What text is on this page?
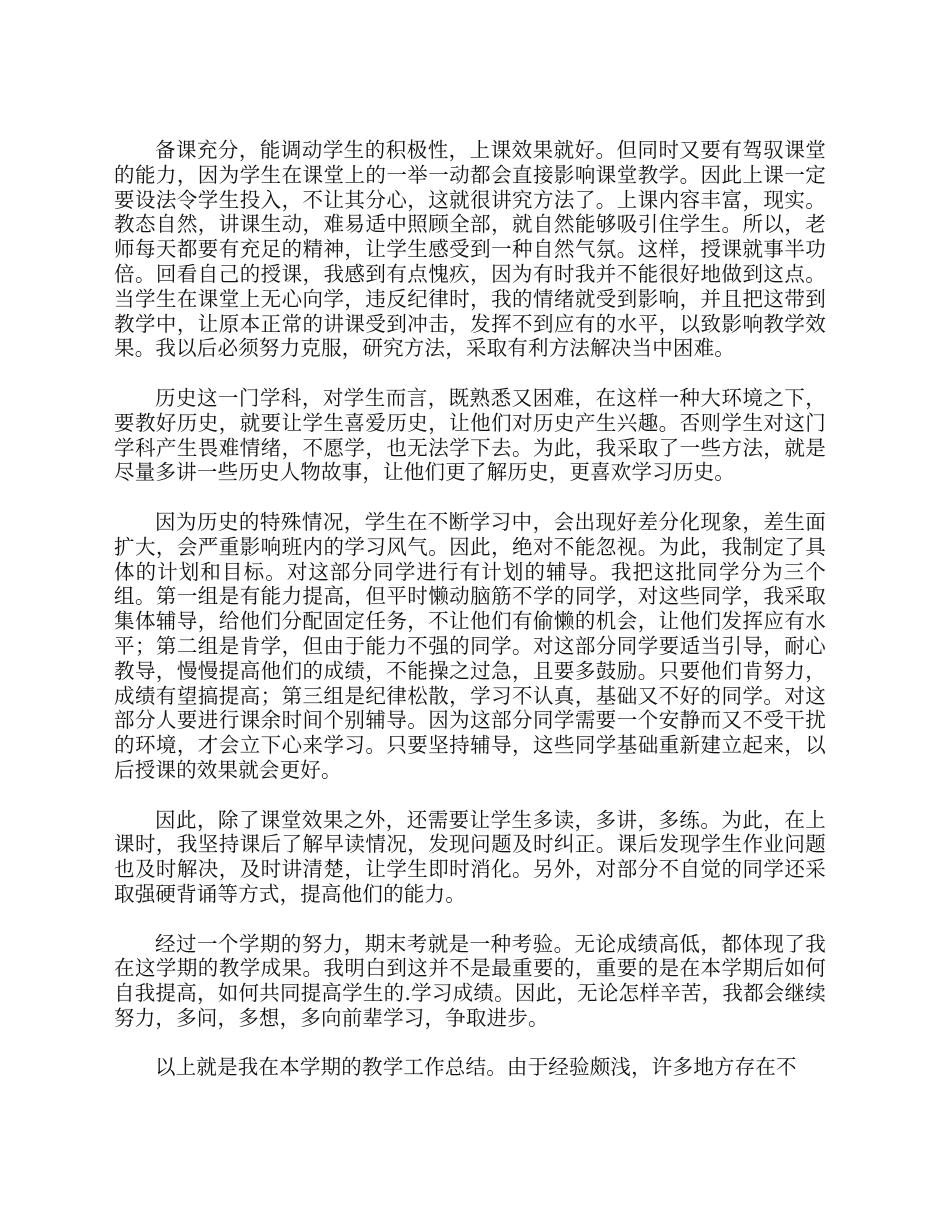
备课充分，能调动学生的积极性，上课效果就好。但同时又要有驾驭课堂的能力，因为学生在课堂上的一举一动都会直接影响课堂教学。因此上课一定要设法令学生投入，不让其分心，这就很讲究方法了。上课内容丰富，现实。教态自然，讲课生动，难易适中照顾全部，就自然能够吸引住学生。所以，老师每天都要有充足的精神，让学生感受到一种自然气氛。这样，授课就事半功倍。回看自己的授课，我感到有点愧疚，因为有时我并不能很好地做到这点。当学生在课堂上无心向学，违反纪律时，我的情绪就受到影响，并且把这带到教学中，让原本正常的讲课受到冲击，发挥不到应有的水平，以致影响教学效果。我以后必须努力克服，研究方法，采取有利方法解决当中困难。

历史这一门学科，对学生而言，既熟悉又困难，在这样一种大环境之下，要教好历史，就要让学生喜爱历史，让他们对历史产生兴趣。否则学生对这门学科产生畏难情绪，不愿学，也无法学下去。为此，我采取了一些方法，就是尽量多讲一些历史人物故事，让他们更了解历史，更喜欢学习历史。

因为历史的特殊情况，学生在不断学习中，会出现好差分化现象，差生面扩大，会严重影响班内的学习风气。因此，绝对不能忽视。为此，我制定了具体的计划和目标。对这部分同学进行有计划的辅导。我把这批同学分为三个组。第一组是有能力提高，但平时懒动脑筋不学的同学，对这些同学，我采取集体辅导，给他们分配固定任务，不让他们有偷懒的机会，让他们发挥应有水平；第二组是肯学，但由于能力不强的同学。对这部分同学要适当引导，耐心教导，慢慢提高他们的成绩，不能操之过急，且要多鼓励。只要他们肯努力，成绩有望搞提高；第三组是纪律松散，学习不认真，基础又不好的同学。对这部分人要进行课余时间个别辅导。因为这部分同学需要一个安静而又不受干扰的环境，才会立下心来学习。只要坚持辅导，这些同学基础重新建立起来，以后授课的效果就会更好。

因此，除了课堂效果之外，还需要让学生多读，多讲，多练。为此，在上课时，我坚持课后了解早读情况，发现问题及时纠正。课后发现学生作业问题也及时解决，及时讲清楚，让学生即时消化。另外，对部分不自觉的同学还采取强硬背诵等方式，提高他们的能力。

经过一个学期的努力，期末考就是一种考验。无论成绩高低，都体现了我在这学期的教学成果。我明白到这并不是最重要的，重要的是在本学期后如何自我提高，如何共同提高学生的.学习成绩。因此，无论怎样辛苦，我都会继续努力，多问，多想，多向前辈学习，争取进步。

以上就是我在本学期的教学工作总结。由于经验颇浅，许多地方存在不
